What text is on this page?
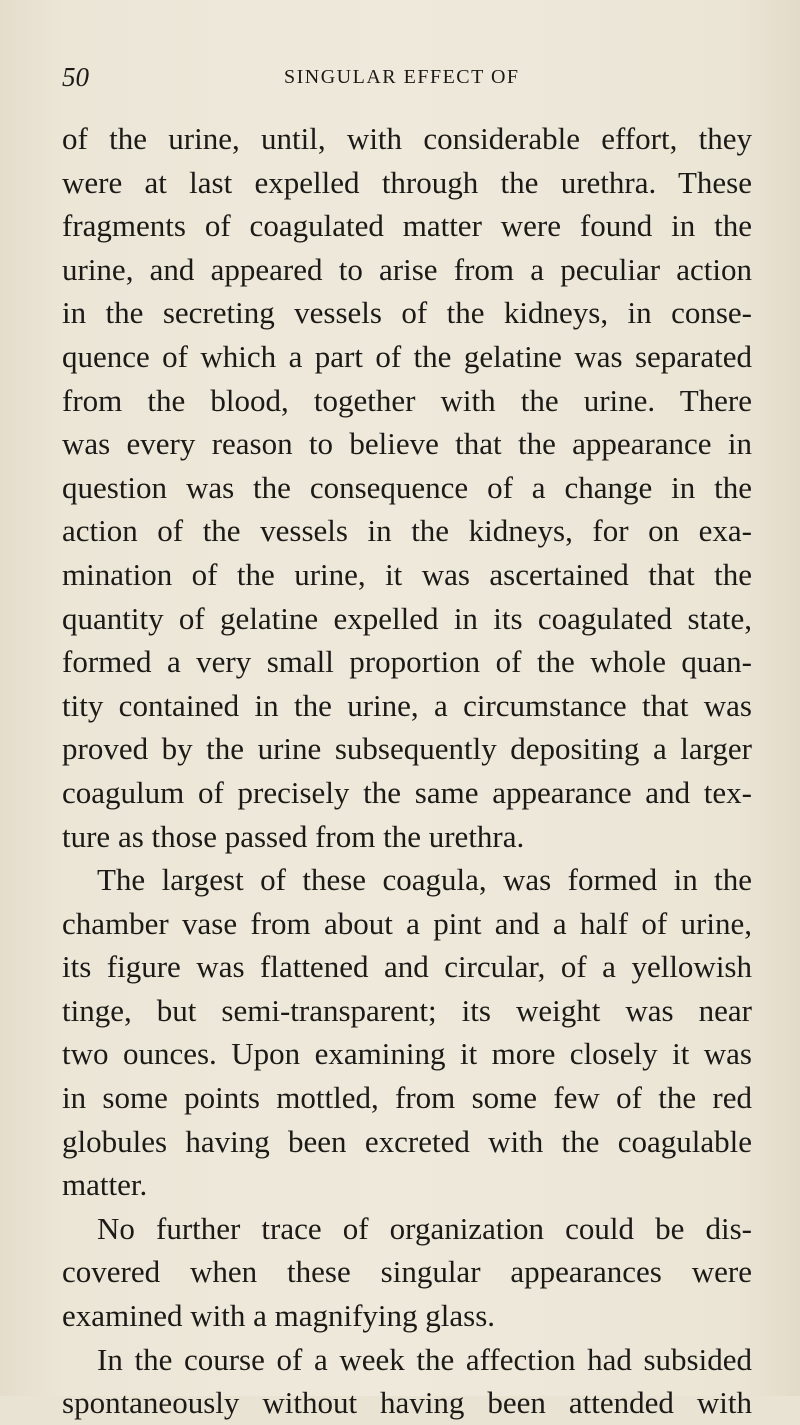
50	SINGULAR EFFECT OF
of the urine, until, with considerable effort, they
were at last expelled through the urethra. These
fragments of coagulated matter were found in the
urine, and appeared to arise from a peculiar action
in the secreting vessels of the kidneys, in conse-
quence of which a part of the gelatine was separated
from the blood, together with the urine. There
was every reason to believe that the appearance in
question was the consequence of a change in the
action of the vessels in the kidneys, for on exa-
mination of the urine, it was ascertained that the
quantity of gelatine expelled in its coagulated state,
formed a very small proportion of the whole quan-
tity contained in the urine, a circumstance that was
proved by the urine subsequently depositing a larger
coagulum of precisely the same appearance and tex-
ture as those passed from the urethra.
The largest of these coagula, was formed in the
chamber vase from about a pint and a half of urine,
its figure was flattened and circular, of a yellowish
tinge, but semi-transparent; its weight was near
two ounces. Upon examining it more closely it was
in some points mottled, from some few of the red
globules having been excreted with the coagulable
matter.
No further trace of organization could be dis-
covered when these singular appearances were
examined with a magnifying glass.
In the course of a week the affection had subsided
spontaneously without having been attended with
